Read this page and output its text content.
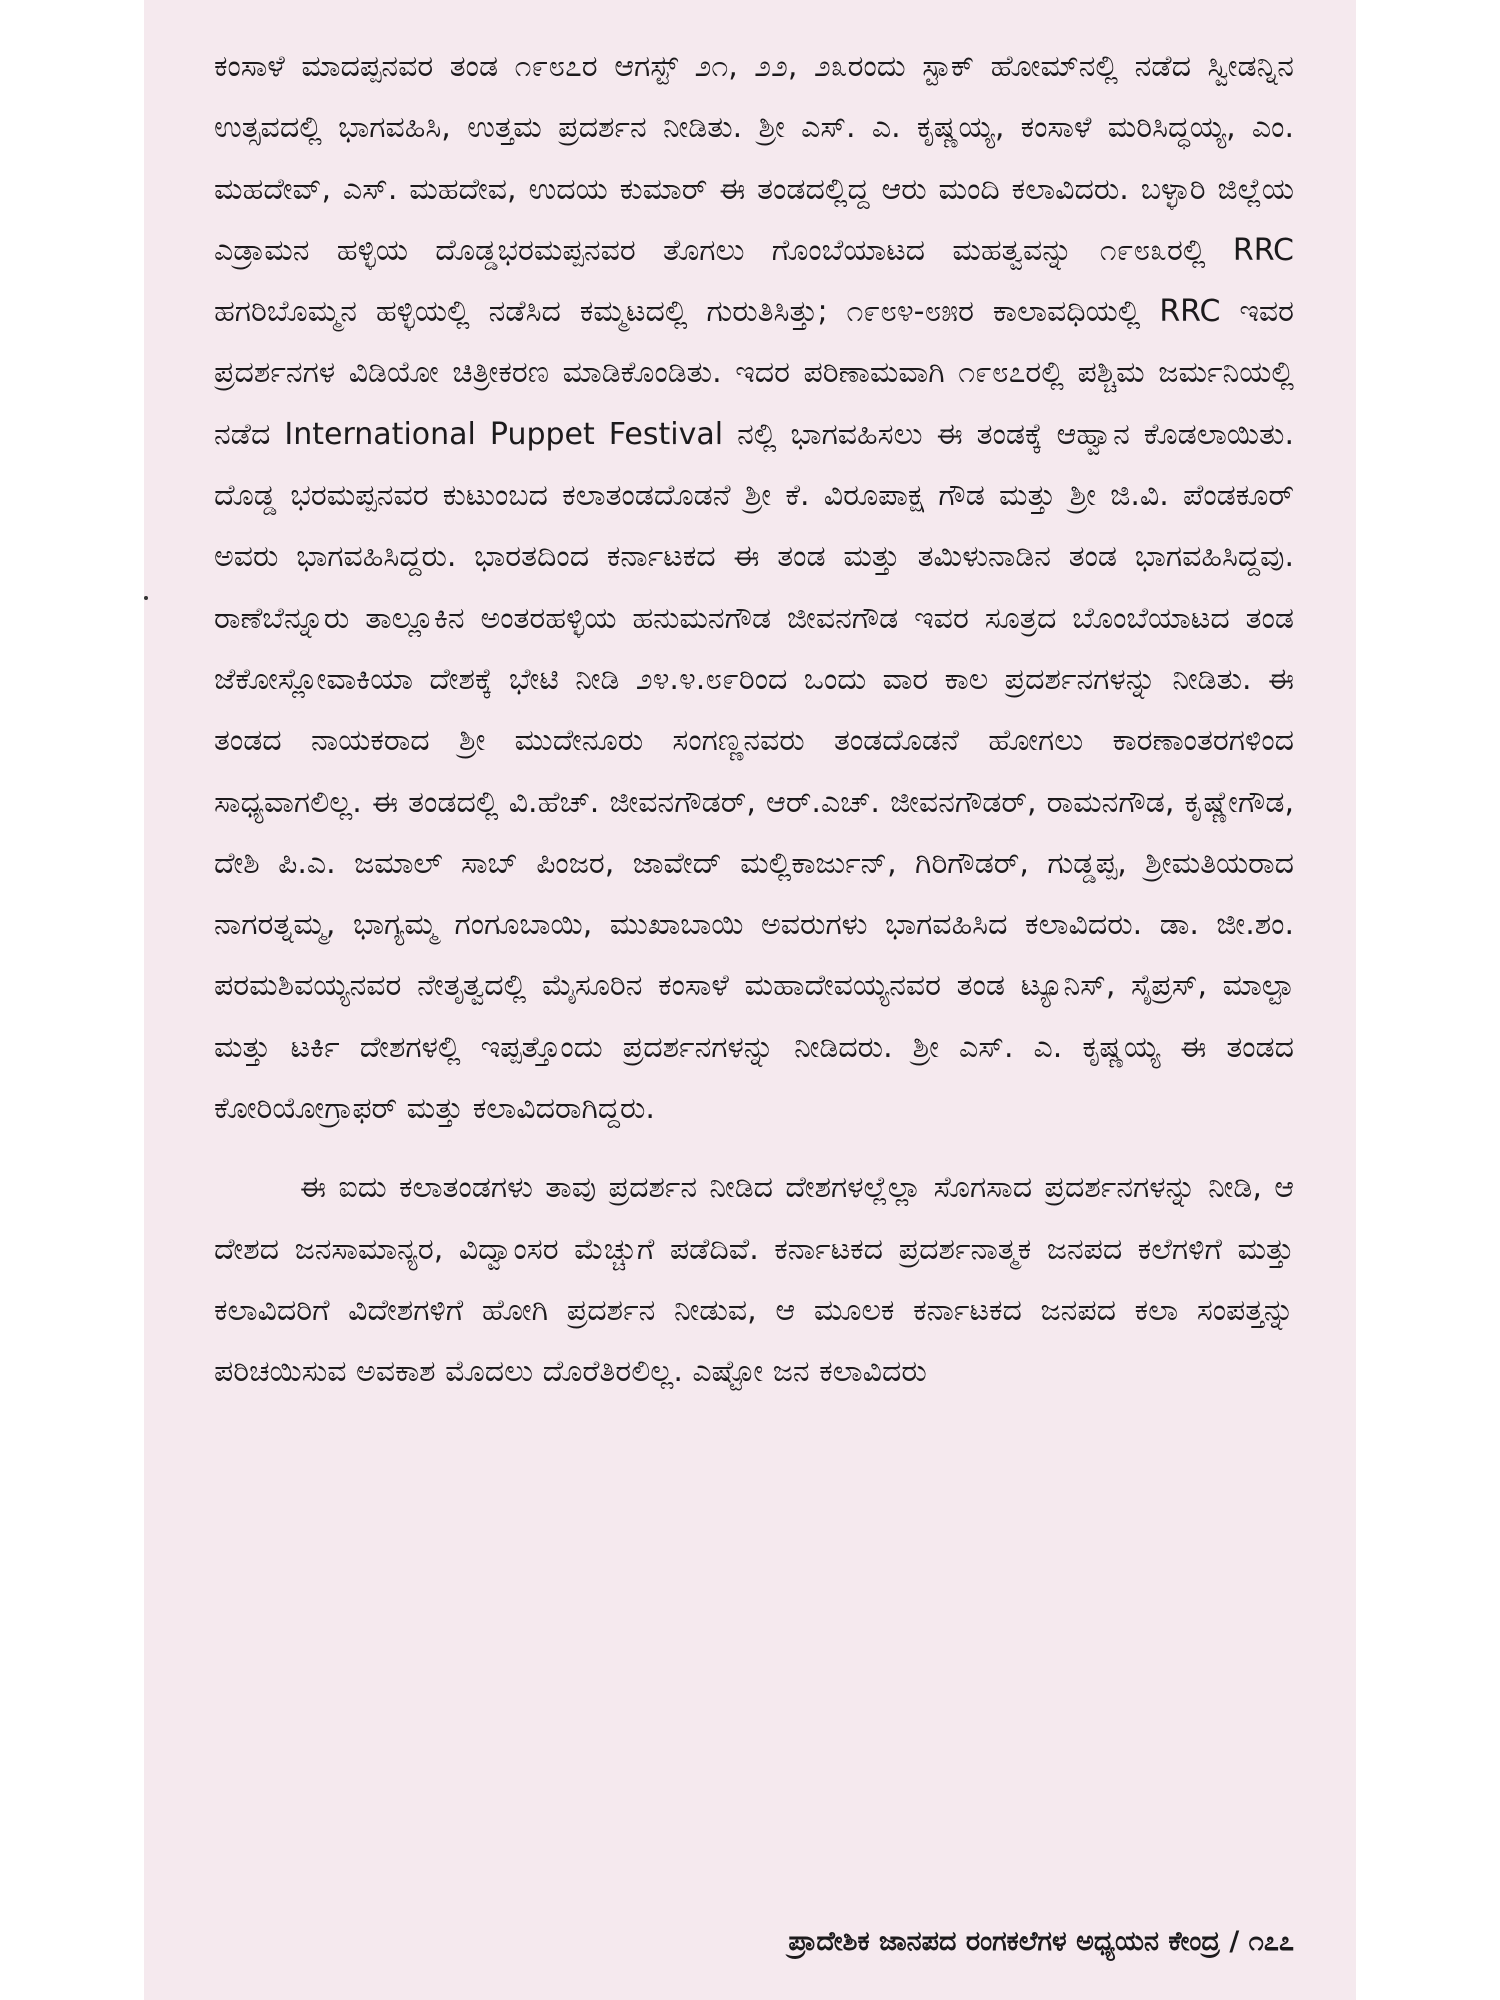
ಕಂಸಾಳೆ ಮಾದಪ್ಪನವರ ತಂಡ ೧೯೮೭ರ ಆಗಸ್ಟ್ ೨೧, ೨೨, ೨೩ರಂದು ಸ್ಟಾಕ್ ಹೋಮ್‌ನಲ್ಲಿ ನಡೆದ ಸ್ವೀಡನ್ನಿನ ಉತ್ಸವದಲ್ಲಿ ಭಾಗವಹಿಸಿ, ಉತ್ತಮ ಪ್ರದರ್ಶನ ನೀಡಿತು. ಶ್ರೀ ಎಸ್. ಎ. ಕೃಷ್ಣಯ್ಯ, ಕಂಸಾಳೆ ಮರಿಸಿದ್ಧಯ್ಯ, ಎಂ. ಮಹದೇವ್, ಎಸ್. ಮಹದೇವ, ಉದಯ ಕುಮಾರ್ ಈ ತಂಡದಲ್ಲಿದ್ದ ಆರು ಮಂದಿ ಕಲಾವಿದರು. ಬಳ್ಳಾರಿ ಜಿಲ್ಲೆಯ ಎಡ್ರಾಮನ ಹಳ್ಳಿಯ ದೊಡ್ಡಭರಮಪ್ಪನವರ ತೊಗಲು ಗೊಂಬೆಯಾಟದ ಮಹತ್ವವನ್ನು ೧೯೮೩ರಲ್ಲಿ RRC ಹಗರಿಬೊಮ್ಮನ ಹಳ್ಳಿಯಲ್ಲಿ ನಡೆಸಿದ ಕಮ್ಮಟದಲ್ಲಿ ಗುರುತಿಸಿತ್ತು; ೧೯೮೪-೮೫ರ ಕಾಲಾವಧಿಯಲ್ಲಿ RRC ಇವರ ಪ್ರದರ್ಶನಗಳ ವಿಡಿಯೋ ಚಿತ್ರೀಕರಣ ಮಾಡಿಕೊಂಡಿತು. ಇದರ ಪರಿಣಾಮವಾಗಿ ೧೯೮೭ರಲ್ಲಿ ಪಶ್ಚಿಮ ಜರ್ಮನಿಯಲ್ಲಿ ನಡೆದ International Puppet Festival ನಲ್ಲಿ ಭಾಗವಹಿಸಲು ಈ ತಂಡಕ್ಕೆ ಆಹ್ವಾನ ಕೊಡಲಾಯಿತು. ದೊಡ್ಡ ಭರಮಪ್ಪನವರ ಕುಟುಂಬದ ಕಲಾತಂಡದೊಡನೆ ಶ್ರೀ ಕೆ. ವಿರೂಪಾಕ್ಷ ಗೌಡ ಮತ್ತು ಶ್ರೀ ಜಿ.ವಿ. ಪೆಂಡಕೂರ್ ಅವರು ಭಾಗವಹಿಸಿದ್ದರು. ಭಾರತದಿಂದ ಕರ್ನಾಟಕದ ಈ ತಂಡ ಮತ್ತು ತಮಿಳುನಾಡಿನ ತಂಡ ಭಾಗವಹಿಸಿದ್ದವು. ರಾಣೆಬೆನ್ನೂರು ತಾಲ್ಲೂಕಿನ ಅಂತರಹಳ್ಳಿಯ ಹನುಮನಗೌಡ ಜೀವನಗೌಡ ಇವರ ಸೂತ್ರದ ಬೊಂಬೆಯಾಟದ ತಂಡ ಜೆಕೋಸ್ಲೋವಾಕಿಯಾ ದೇಶಕ್ಕೆ ಭೇಟಿ ನೀಡಿ ೨೪.೪.೮೯ರಿಂದ ಒಂದು ವಾರ ಕಾಲ ಪ್ರದರ್ಶನಗಳನ್ನು ನೀಡಿತು. ಈ ತಂಡದ ನಾಯಕರಾದ ಶ್ರೀ ಮುದೇನೂರು ಸಂಗಣ್ಣನವರು ತಂಡದೊಡನೆ ಹೋಗಲು ಕಾರಣಾಂತರಗಳಿಂದ ಸಾಧ್ಯವಾಗಲಿಲ್ಲ. ಈ ತಂಡದಲ್ಲಿ ವಿ.ಹೆಚ್. ಜೀವನಗೌಡರ್, ಆರ್.ಎಚ್. ಜೀವನಗೌಡರ್, ರಾಮನಗೌಡ, ಕೃಷ್ಣೇಗೌಡ, ದೇಶಿ ಪಿ.ಎ. ಜಮಾಲ್ ಸಾಬ್ ಪಿಂಜರ, ಜಾವೇದ್ ಮಲ್ಲಿಕಾರ್ಜುನ್, ಗಿರಿಗೌಡರ್, ಗುಡ್ಡಪ್ಪ, ಶ್ರೀಮತಿಯರಾದ ನಾಗರತ್ನಮ್ಮ, ಭಾಗ್ಯಮ್ಮ ಗಂಗೂಬಾಯಿ, ಮುಖಾಬಾಯಿ ಅವರುಗಳು ಭಾಗವಹಿಸಿದ ಕಲಾವಿದರು. ಡಾ. ಜೀ.ಶಂ. ಪರಮಶಿವಯ್ಯನವರ ನೇತೃತ್ವದಲ್ಲಿ ಮೈಸೂರಿನ ಕಂಸಾಳೆ ಮಹಾದೇವಯ್ಯನವರ ತಂಡ ಟ್ಯೂನಿಸ್, ಸೈಪ್ರಸ್, ಮಾಲ್ಟಾ ಮತ್ತು ಟರ್ಕಿ ದೇಶಗಳಲ್ಲಿ ಇಪ್ಪತ್ತೊಂದು ಪ್ರದರ್ಶನಗಳನ್ನು ನೀಡಿದರು. ಶ್ರೀ ಎಸ್. ಎ. ಕೃಷ್ಣಯ್ಯ ಈ ತಂಡದ ಕೋರಿಯೋಗ್ರಾಫರ್ ಮತ್ತು ಕಲಾವಿದರಾಗಿದ್ದರು.

ಈ ಐದು ಕಲಾತಂಡಗಳು ತಾವು ಪ್ರದರ್ಶನ ನೀಡಿದ ದೇಶಗಳಲ್ಲೆಲ್ಲಾ ಸೊಗಸಾದ ಪ್ರದರ್ಶನಗಳನ್ನು ನೀಡಿ, ಆ ದೇಶದ ಜನಸಾಮಾನ್ಯರ, ವಿದ್ವಾಂಸರ ಮೆಚ್ಚುಗೆ ಪಡೆದಿವೆ. ಕರ್ನಾಟಕದ ಪ್ರದರ್ಶನಾತ್ಮಕ ಜನಪದ ಕಲೆಗಳಿಗೆ ಮತ್ತು ಕಲಾವಿದರಿಗೆ ವಿದೇಶಗಳಿಗೆ ಹೋಗಿ ಪ್ರದರ್ಶನ ನೀಡುವ, ಆ ಮೂಲಕ ಕರ್ನಾಟಕದ ಜನಪದ ಕಲಾ ಸಂಪತ್ತನ್ನು ಪರಿಚಯಿಸುವ ಅವಕಾಶ ಮೊದಲು ದೊರೆತಿರಲಿಲ್ಲ. ಎಷ್ಟೋ ಜನ ಕಲಾವಿದರು

ಪ್ರಾದೇಶಿಕ ಜಾನಪದ ರಂಗಕಲೆಗಳ ಅಧ್ಯಯನ ಕೇಂದ್ರ / ೧೭೭
